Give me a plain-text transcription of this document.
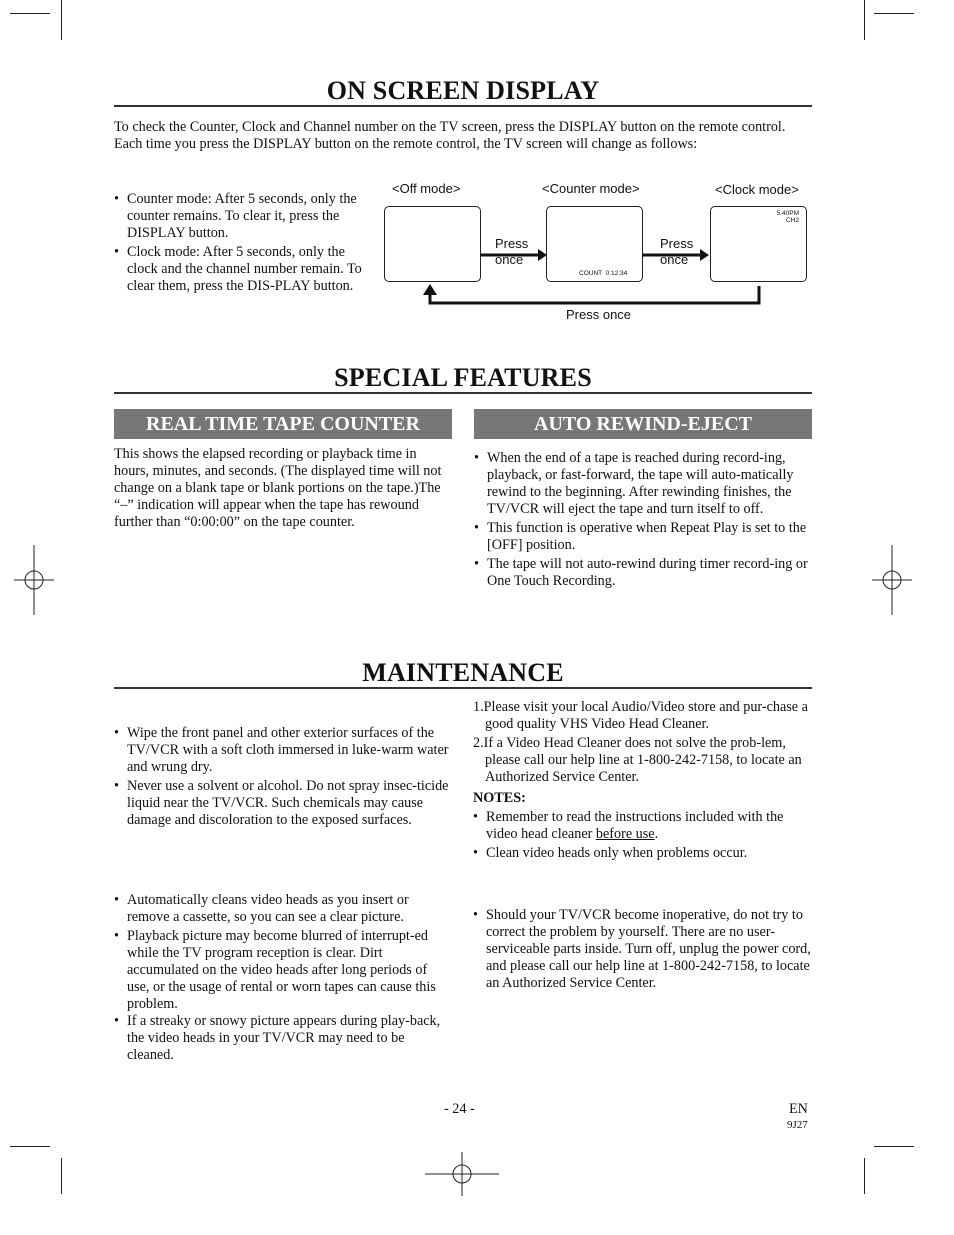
ON SCREEN DISPLAY
To check the Counter, Clock and Channel number on the TV screen, press the DISPLAY button on the remote control. Each time you press the DISPLAY button on the remote control, the TV screen will change as follows:
• Counter mode: After 5 seconds, only the counter remains. To clear it, press the DISPLAY button.
• Clock mode: After 5 seconds, only the clock and the channel number remain. To clear them, press the DIS-PLAY button.
<Off mode>	<Counter mode>	<Clock mode>
COUNT  0:12:34
5:40PM
CH2
Press
once
Press
once
Press once
SPECIAL FEATURES
REAL TIME TAPE COUNTER	AUTO REWIND-EJECT
This shows the elapsed recording or playback time in hours, minutes, and seconds. (The displayed time will not change on a blank tape or blank portions on the tape.)The “–” indication will appear when the tape has rewound further than “0:00:00” on the tape counter.
• When the end of a tape is reached during record-ing, playback, or fast-forward, the tape will auto-matically rewind to the beginning. After rewinding finishes, the TV/VCR will eject the tape and turn itself to off.
• This function is operative when Repeat Play is set to the [OFF] position.
• The tape will not auto-rewind during timer record-ing or One Touch Recording.
MAINTENANCE
• Wipe the front panel and other exterior surfaces of the TV/VCR with a soft cloth immersed in luke-warm water and wrung dry.
• Never use a solvent or alcohol. Do not spray insec-ticide liquid near the TV/VCR. Such chemicals may cause damage and discoloration to the exposed surfaces.
• Automatically cleans video heads as you insert or remove a cassette, so you can see a clear picture.
• Playback picture may become blurred of interrupt-ed while the TV program reception is clear. Dirt accumulated on the video heads after long periods of use, or the usage of rental or worn tapes can cause this problem.
• If a streaky or snowy picture appears during play-back, the video heads in your TV/VCR may need to be cleaned.
1.Please visit your local Audio/Video store and pur-chase a good quality VHS Video Head Cleaner.
2.If a Video Head Cleaner does not solve the prob-lem, please call our help line at 1-800-242-7158, to locate an Authorized Service Center.
NOTES:
• Remember to read the instructions included with the video head cleaner before use.
• Clean video heads only when problems occur.
• Should your TV/VCR become inoperative, do not try to correct the problem by yourself. There are no user-serviceable parts inside. Turn off, unplug the power cord, and please call our help line at 1-800-242-7158, to locate an Authorized Service Center.
- 24 -	EN
9J27
